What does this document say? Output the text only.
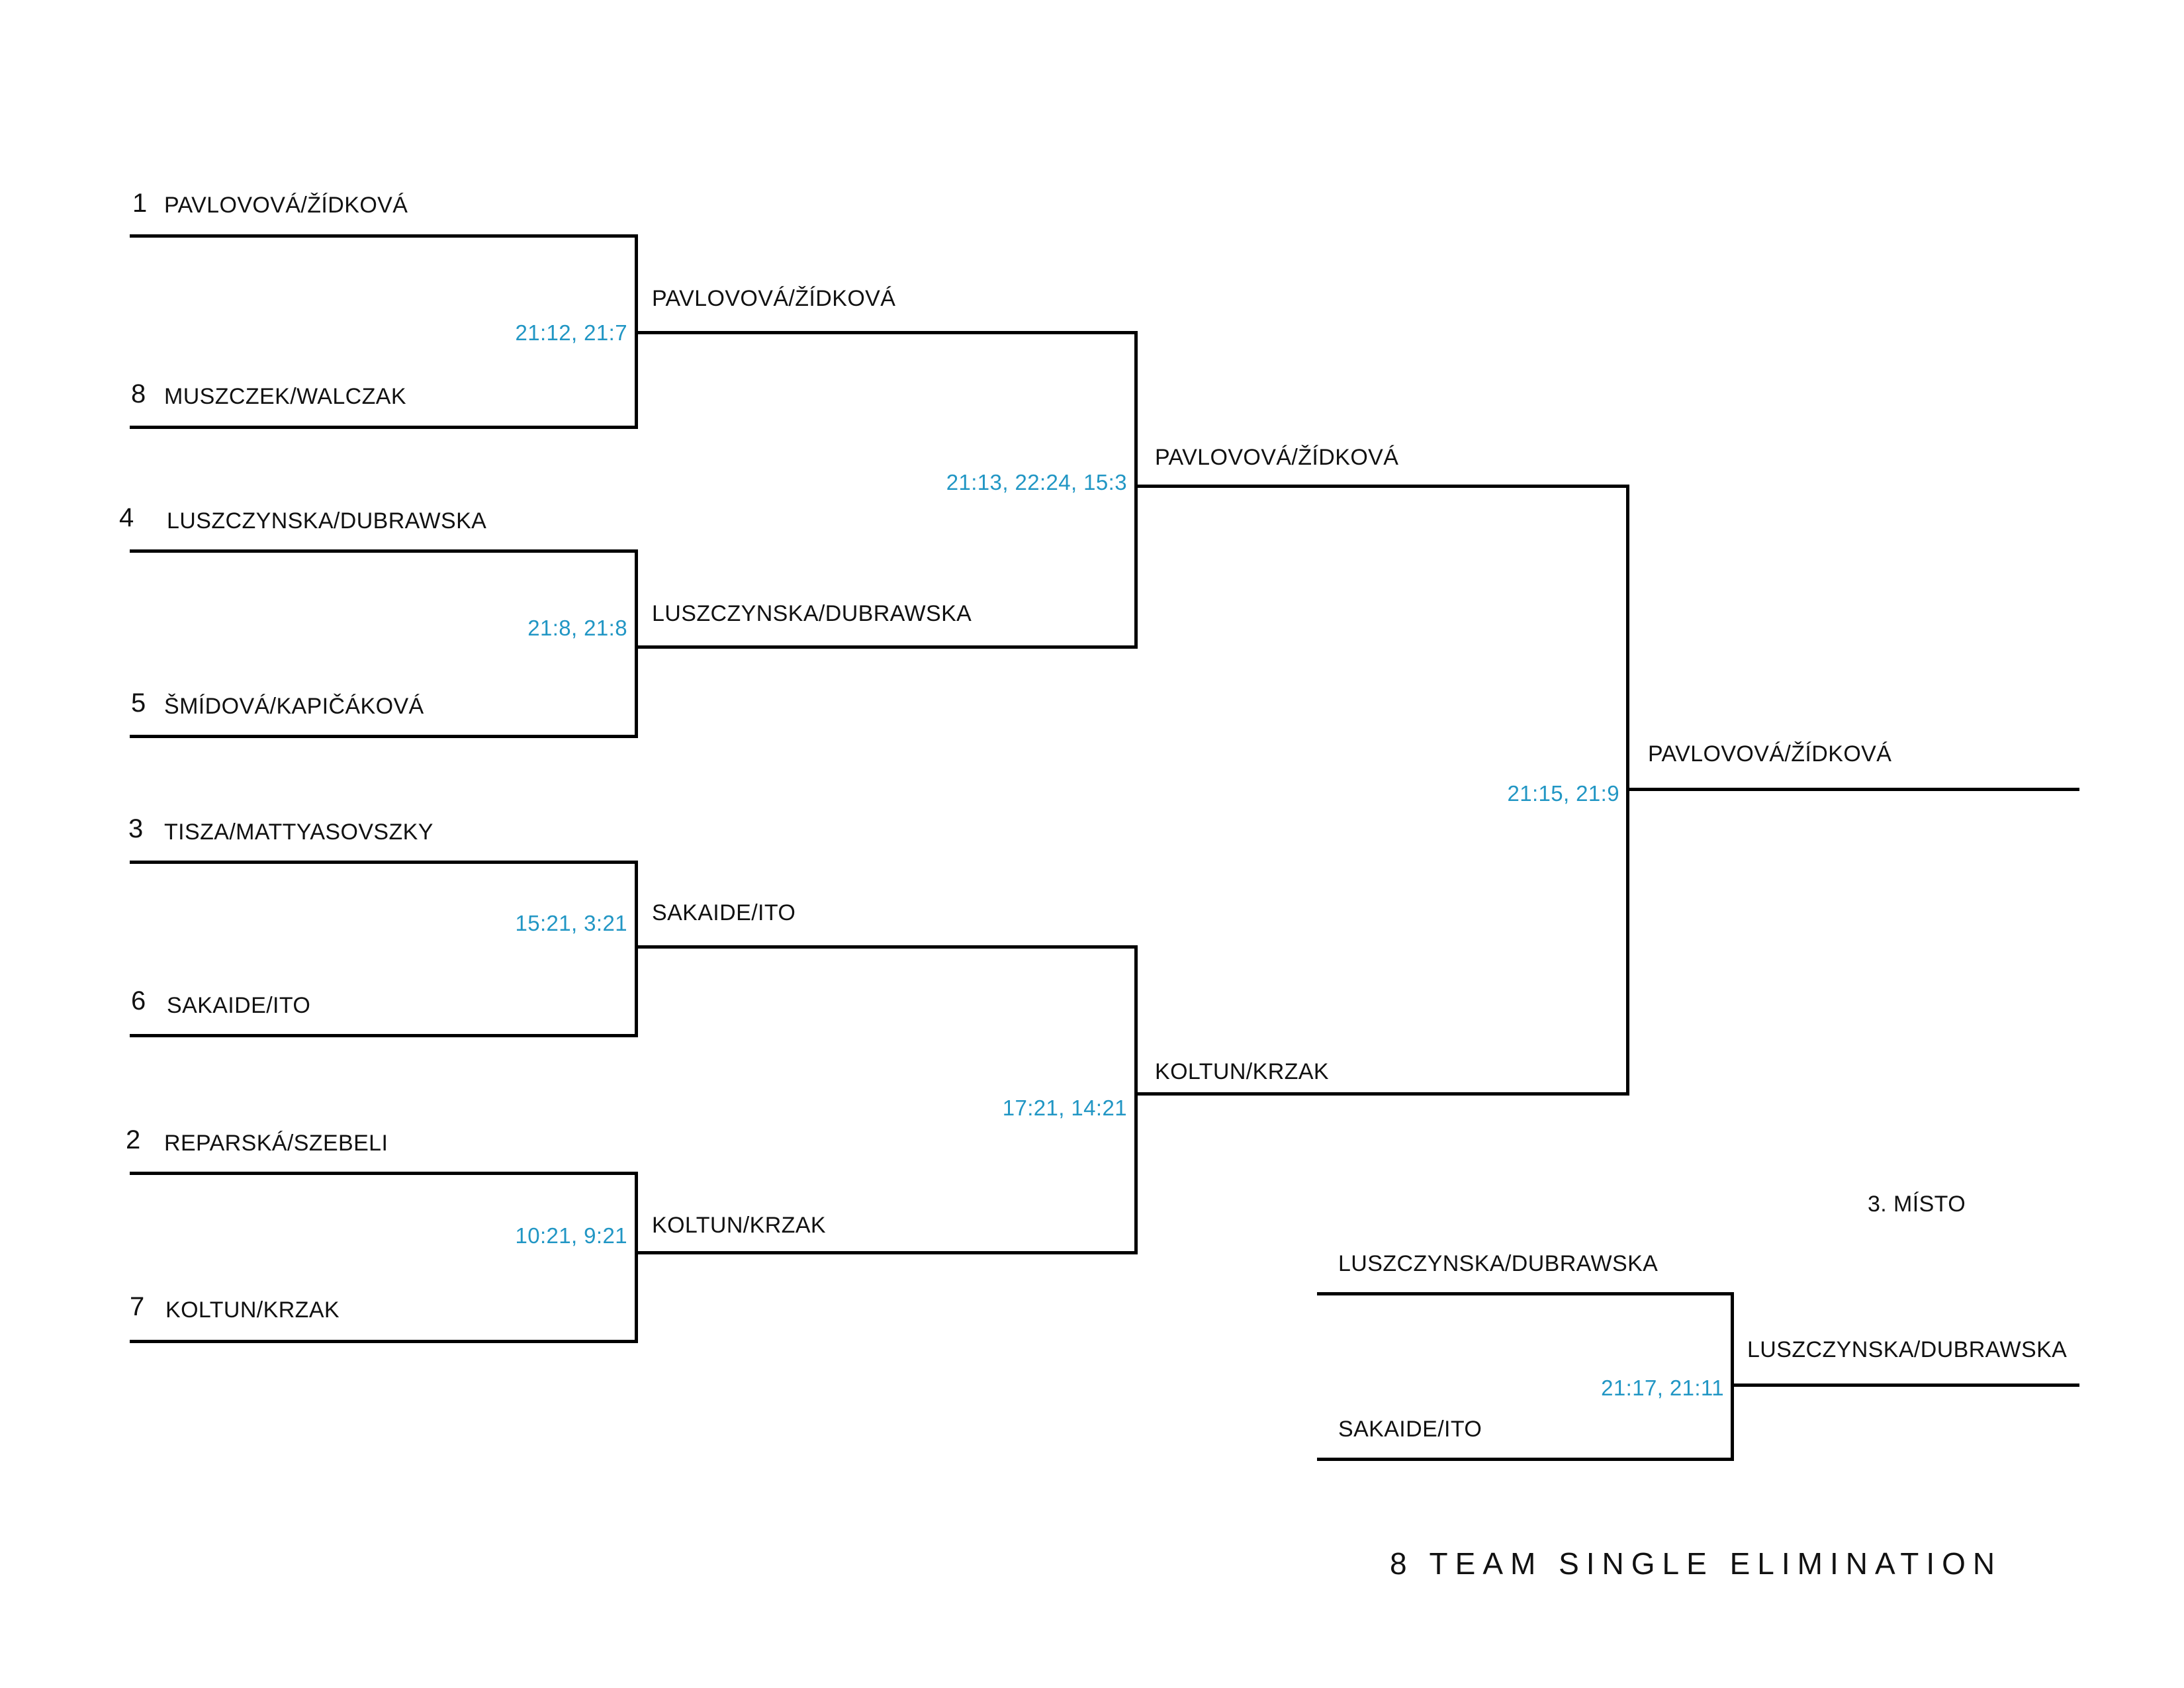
1 PAVLOVOVÁ/ŽÍDKOVÁ
8 MUSZCZEK/WALCZAK
21:12, 21:7
PAVLOVOVÁ/ŽÍDKOVÁ
4 LUSZCZYNSKA/DUBRAWSKA
5 ŠMÍDOVÁ/KAPIČÁKOVÁ
21:8, 21:8
LUSZCZYNSKA/DUBRAWSKA
3 TISZA/MATTYASOVSZKY
6 SAKAIDE/ITO
15:21, 3:21 SAKAIDE/ITO
2 REPARSKÁ/SZEBELI
7 KOLTUN/KRZAK
10:21, 9:21 KOLTUN/KRZAK
21:13, 22:24, 15:3
PAVLOVOVÁ/ŽÍDKOVÁ
17:21, 14:21
KOLTUN/KRZAK
21:15, 21:9
PAVLOVOVÁ/ŽÍDKOVÁ
3. MÍSTO
LUSZCZYNSKA/DUBRAWSKA
SAKAIDE/ITO
21:17, 21:11
LUSZCZYNSKA/DUBRAWSKA
8 TEAM SINGLE ELIMINATION
